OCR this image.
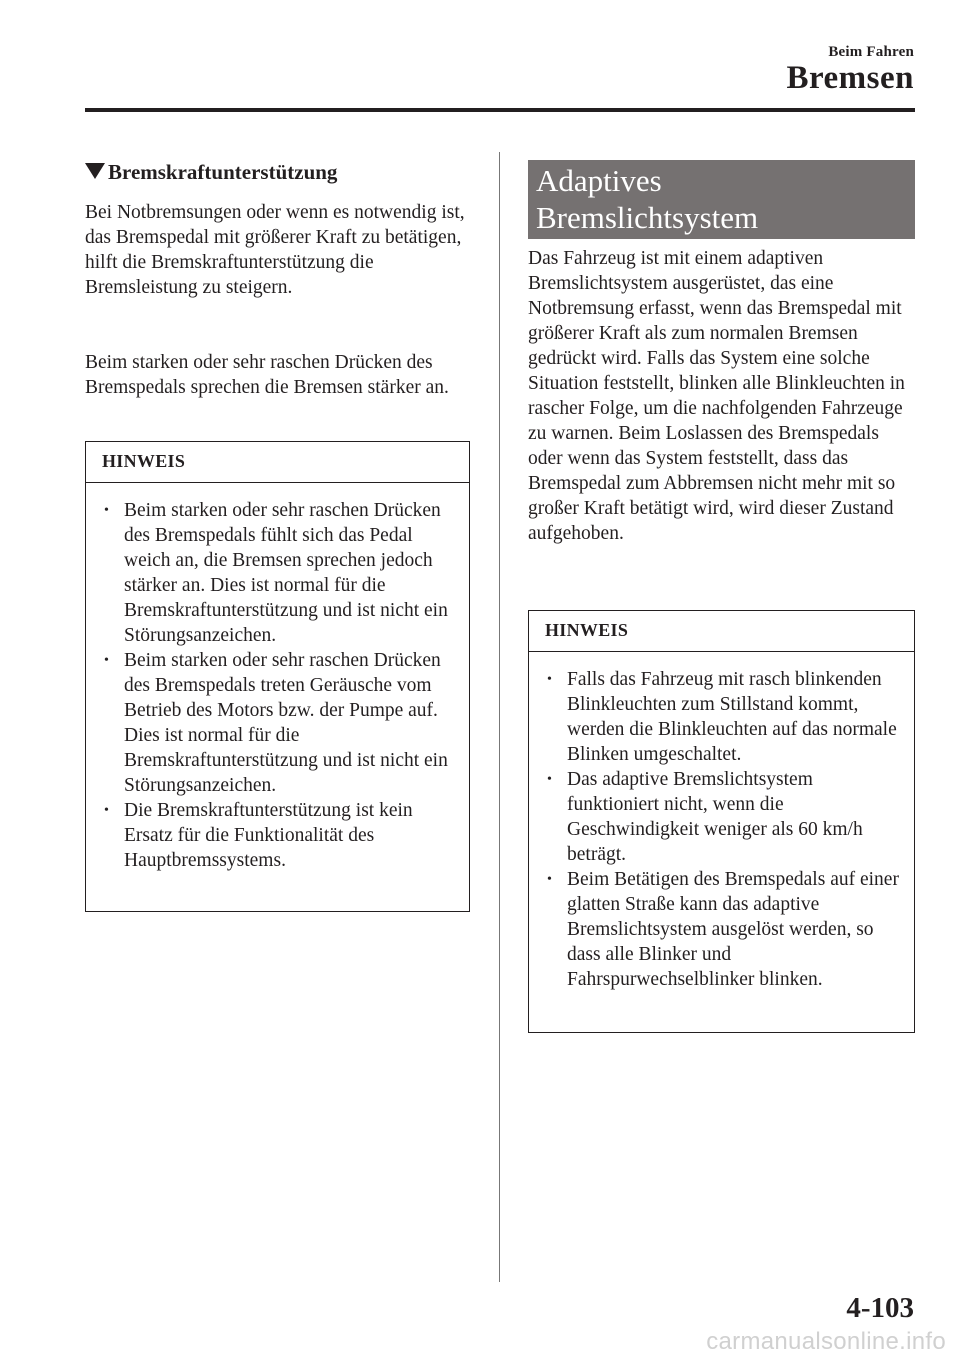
Beim Fahren
Bremsen
Bremskraftunterstützung

Bei Notbremsungen oder wenn es notwendig ist, das Bremspedal mit größerer Kraft zu betätigen, hilft die Bremskraftunterstützung die Bremsleistung zu steigern.

Beim starken oder sehr raschen Drücken des Bremspedals sprechen die Bremsen stärker an.

HINWEIS
• Beim starken oder sehr raschen Drücken des Bremspedals fühlt sich das Pedal weich an, die Bremsen sprechen jedoch stärker an. Dies ist normal für die Bremskraftunterstützung und ist nicht ein Störungsanzeichen.
• Beim starken oder sehr raschen Drücken des Bremspedals treten Geräusche vom Betrieb des Motors bzw. der Pumpe auf. Dies ist normal für die Bremskraftunterstützung und ist nicht ein Störungsanzeichen.
• Die Bremskraftunterstützung ist kein Ersatz für die Funktionalität des Hauptbremssystems.
Adaptives
Bremslichtsystem

Das Fahrzeug ist mit einem adaptiven Bremslichtsystem ausgerüstet, das eine Notbremsung erfasst, wenn das Bremspedal mit größerer Kraft als zum normalen Bremsen gedrückt wird. Falls das System eine solche Situation feststellt, blinken alle Blinkleuchten in rascher Folge, um die nachfolgenden Fahrzeuge zu warnen. Beim Loslassen des Bremspedals oder wenn das System feststellt, dass das Bremspedal zum Abbremsen nicht mehr mit so großer Kraft betätigt wird, wird dieser Zustand aufgehoben.

HINWEIS
• Falls das Fahrzeug mit rasch blinkenden Blinkleuchten zum Stillstand kommt, werden die Blinkleuchten auf das normale Blinken umgeschaltet.
• Das adaptive Bremslichtsystem funktioniert nicht, wenn die Geschwindigkeit weniger als 60 km/h beträgt.
• Beim Betätigen des Bremspedals auf einer glatten Straße kann das adaptive Bremslichtsystem ausgelöst werden, so dass alle Blinker und Fahrspurwechselblinker blinken.
4-103
carmanualsonline.info
